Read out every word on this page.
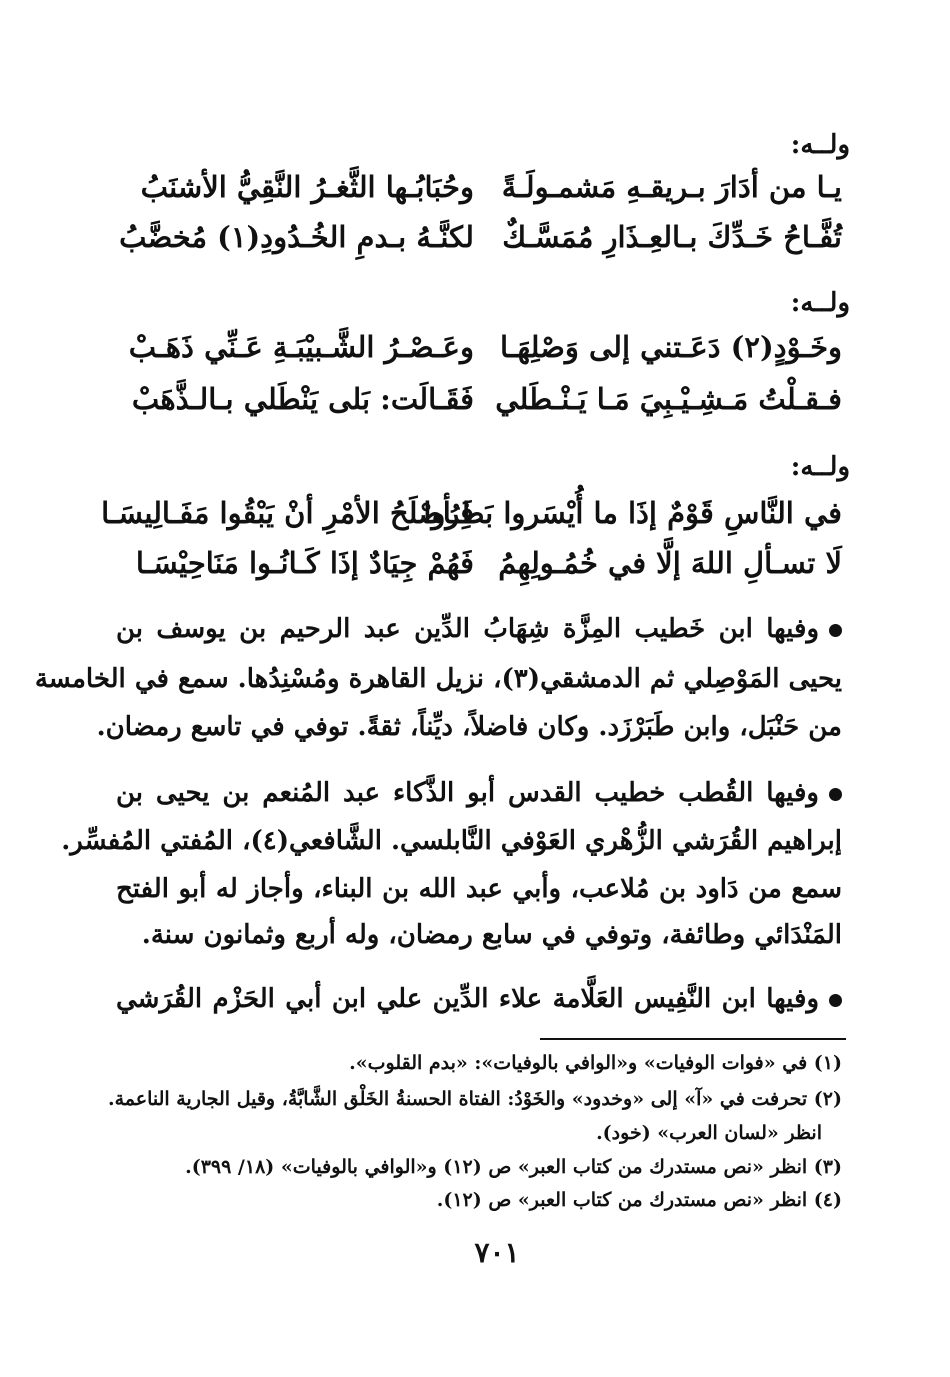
ولــه:
يـا من أدَارَ بـريقـهِ مَشمـولَـةً
وحُبَابُـها الثَّغـرُ النَّقِيُّ الأشنَبُ
تُفَّـاحُ خَـدِّكَ بـالعِـذَارِ مُمَسَّـكٌ
لكنَّـهُ بـدمِ الخُـدُودِ(١) مُخضَّبُ
ولــه:
وخَـوْدٍ(٢) دَعَـتني إلى وَصْلِهَـا
وعَـصْـرُ الشَّـبيْبَـةِ عَـنِّي ذَهَـبْ
فـقـلْتُ مَـشِـيْـبِيَ مَـا يَـنْـطَلي
فَقَـالَت: بَلى يَنْطَلي بـالـذَّهَبْ
ولــه:
في النَّاسِ قَوْمٌ إذَا ما أُيْسَروا بَطِرُوا
فَـأصْلَحُ الأمْرِ أنْ يَبْقُوا مَفَـالِيسَـا
لَا تسـألِ اللهَ إلَّا في خُمُـولِهِمُ
فَهُمْ جِيَادٌ إذَا كَـانُـوا مَنَاحِيْسَـا
وفيها ابن خَطيب المِزَّة شِهَابُ الدِّين عبد الرحيم بن يوسف بن
يحيى المَوْصِلي ثم الدمشقي(٣)، نزيل القاهرة ومُسْنِدُها. سمع في الخامسة
من حَنْبَل، وابن طَبَرْزَد. وكان فاضلاً، ديِّناً، ثقةً. توفي في تاسع رمضان.
وفيها القُطب خطيب القدس أبو الذَّكاء عبد المُنعم بن يحيى بن
إبراهيم القُرَشي الزُّهْري العَوْفي النَّابلسي. الشَّافعي(٤)، المُفتي المُفسِّر.
سمع من دَاود بن مُلاعب، وأبي عبد الله بن البناء، وأجاز له أبو الفتح
المَنْدَائي وطائفة، وتوفي في سابع رمضان، وله أربع وثمانون سنة.
وفيها ابن النَّفِيس العَلَّامة علاء الدِّين علي ابن أبي الحَزْم القُرَشي
(١) في «فوات الوفيات» و«الوافي بالوفيات»: «بدم القلوب».
(٢) تحرفت في «آ» إلى «وخدود» والخَوْدُ: الفتاة الحسنةُ الخَلْق الشَّابَّةُ، وقيل الجارية الناعمة.
انظر «لسان العرب» (خود).
(٣) انظر «نص مستدرك من كتاب العبر» ص (١٢) و«الوافي بالوفيات» (١٨/ ٣٩٩).
(٤) انظر «نص مستدرك من كتاب العبر» ص (١٢).
٧٠١
